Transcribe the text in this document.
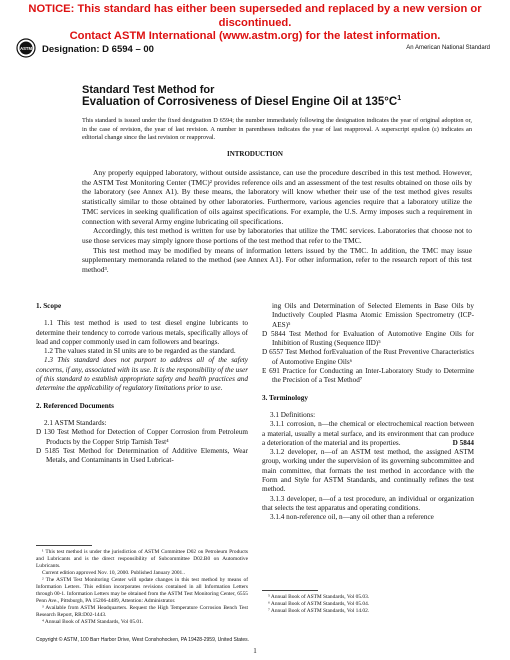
NOTICE: This standard has either been superseded and replaced by a new version or discontinued.
Contact ASTM International (www.astm.org) for the latest information.
ASTM Designation: D 6594 – 00	An American National Standard
Standard Test Method for
Evaluation of Corrosiveness of Diesel Engine Oil at $135^\circ C^1$
This standard is issued under the fixed designation D 6594; the number immediately following the designation indicates the year of original adoption or, in the case of revision, the year of last revision. A number in parentheses indicates the year of last reapproval. A superscript epsilon (ε) indicates an editorial change since the last revision or reapproval.
INTRODUCTION

Any properly equipped laboratory, without outside assistance, can use the procedure described in this test method. However, the ASTM Test Monitoring Center (TMC)² provides reference oils and an assessment of the test results obtained on those oils by the laboratory (see Annex A1). By these means, the laboratory will know whether their use of the test method gives results statistically similar to those obtained by other laboratories. Furthermore, various agencies require that a laboratory utilize the TMC services in seeking qualification of oils against specifications. For example, the U.S. Army imposes such a requirement in connection with several Army engine lubricating oil specifications.

Accordingly, this test method is written for use by laboratories that utilize the TMC services. Laboratories that choose not to use those services may simply ignore those portions of the test method that refer to the TMC.

This test method may be modified by means of information letters issued by the TMC. In addition, the TMC may issue supplementary memoranda related to the method (see Annex A1). For other information, refer to the research report of this test method³.

1. Scope

1.1 This test method is used to test diesel engine lubricants to determine their tendency to corrode various metals, specifically alloys of lead and copper commonly used in cam followers and bearings.

1.2 The values stated in SI units are to be regarded as the standard.

1.3 This standard does not purport to address all of the safety concerns, if any, associated with its use. It is the responsibility of the user of this standard to establish appropriate safety and health practices and determine the applicability of regulatory limitations prior to use.

2. Referenced Documents

2.1 ASTM Standards:

D 130 Test Method for Detection of Copper Corrosion from Petroleum Products by the Copper Strip Tarnish Test⁴

D 5185 Test Method for Determination of Additive Elements, Wear Metals, and Contaminants in Used Lubricat-

ing Oils and Determination of Selected Elements in Base Oils by Inductively Coupled Plasma Atomic Emission Spectrometry (ICP-AES)⁵

D 5844 Test Method for Evaluation of Automotive Engine Oils for Inhibition of Rusting (Sequence IID)⁵

D 6557 Test Method forEvaluation of the Rust Preventive Characteristics of Automotive Engine Oils⁶

E 691 Practice for Conducting an Inter-Laboratory Study to Determine the Precision of a Test Method⁷

3. Terminology

3.1 Definitions:

3.1.1 corrosion, n—the chemical or electrochemical reaction between a material, usually a metal surface, and its environment that can produce a deterioration of the material and its properties.	D 5844

3.1.2 developer, n—of an ASTM test method, the assigned ASTM group, working under the supervision of its governing subcommittee and main committee, that formats the test method in accordance with the Form and Style for ASTM Standards, and continually refines the test method.

3.1.3 developer, n—of a test procedure, an individual or organization that selects the test apparatus and operating conditions.

3.1.4 non-reference oil, n—any oil other than a reference

¹ This test method is under the jurisdiction of ASTM Committee D02 on Petroleum Products and Lubricants and is the direct responsibility of Subcommittee D02.B0 on Automotive Lubricants.

Current edition approved Nov. 10, 2000. Published January 2001..

² The ASTM Test Monitoring Center will update changes in this test method by means of Information Letters. This edition incorporates revisions contained in all Information Letters through 00-1. Information Letters may be obtained from the ASTM Test Monitoring Center, 6555 Penn Ave., Pittsburgh, PA 15206-4489, Attention: Administrator.

³ Available from ASTM Headquarters. Request the High Temperature Corrosion Bench Test Research Report, RR:D02-1443.

⁴ Annual Book of ASTM Standards, Vol 05.01.

⁵ Annual Book of ASTM Standards, Vol 05.03.

⁶ Annual Book of ASTM Standards, Vol 05.04.

⁷ Annual Book of ASTM Standards, Vol 14.02.

Copyright © ASTM, 100 Barr Harbor Drive, West Conshohocken, PA 19428-2959, United States.
1
